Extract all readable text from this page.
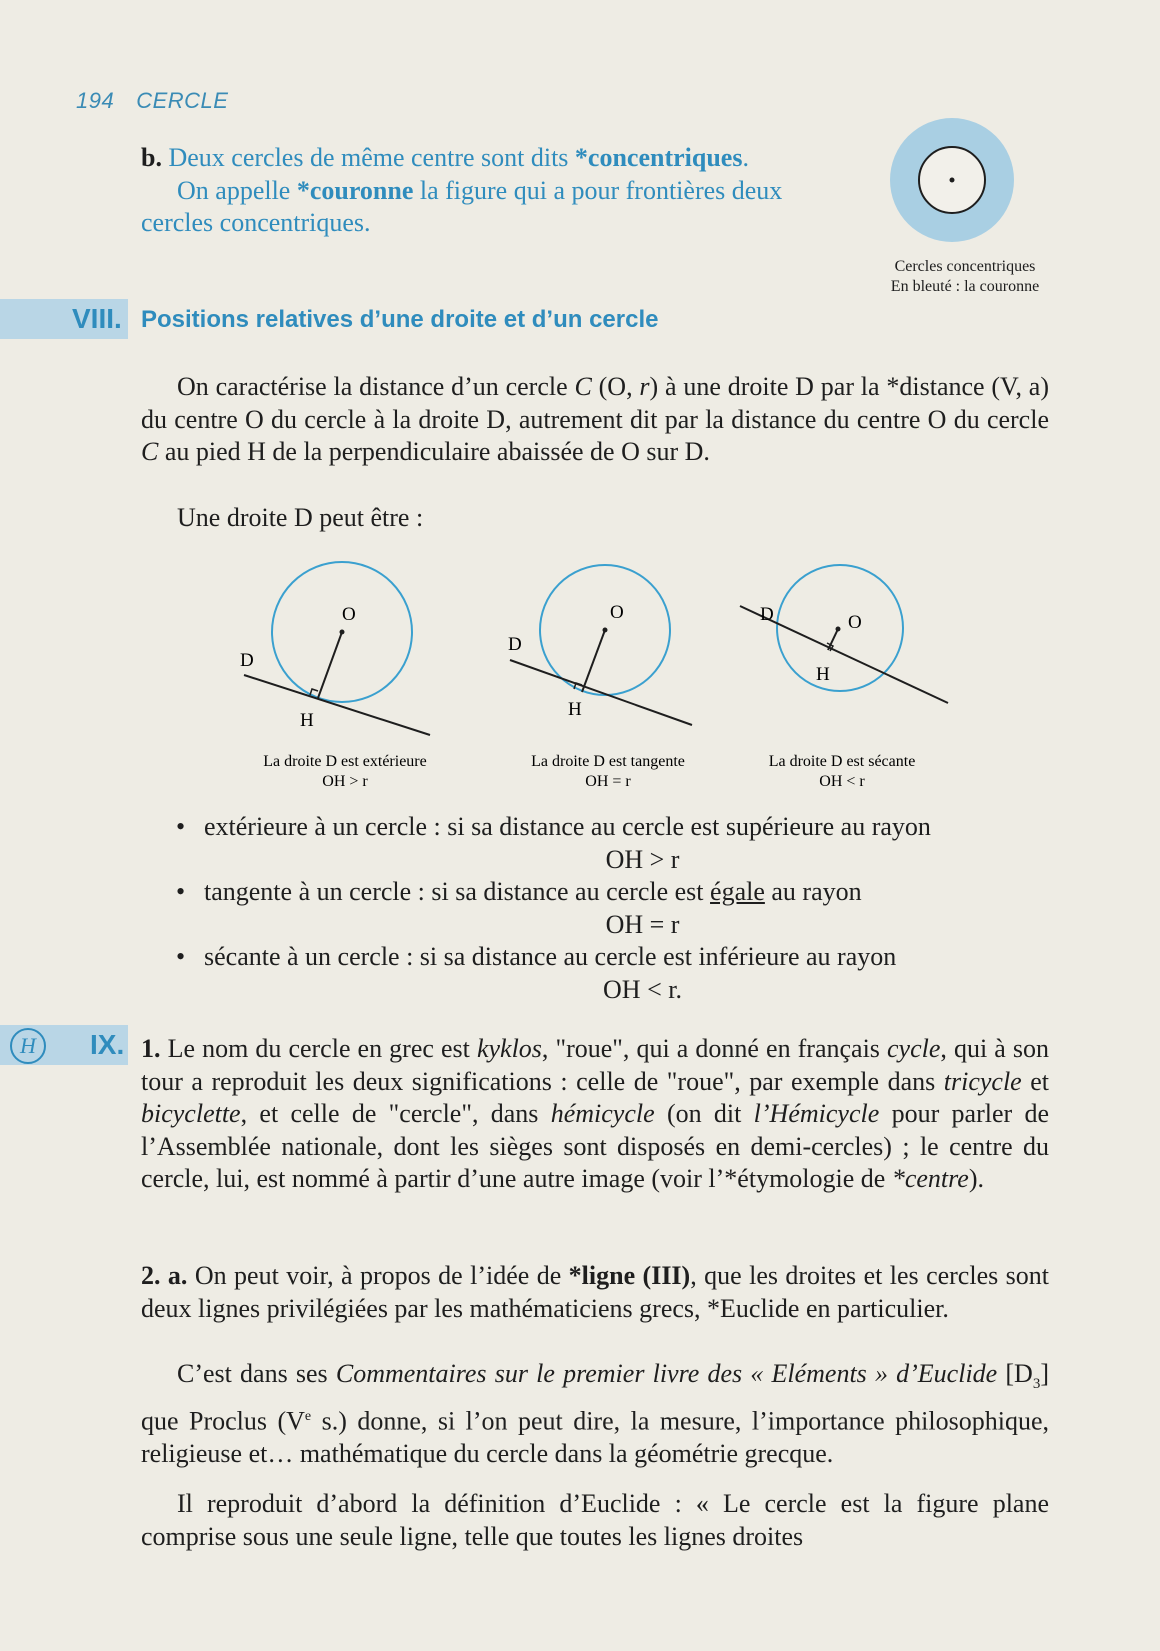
194 CERCLE

b. Deux cercles de même centre sont dits *concentriques.

On appelle *couronne la figure qui a pour frontières deux cercles concentriques.

Cercles concentriques
En bleuté : la couronne
VIII. Positions relatives d’une droite et d’un cercle
On caractérise la distance d’un cercle C (O, r) à une droite D par la *distance (V, a) du centre O du cercle à la droite D, autrement dit par la distance du centre O du cercle C au pied H de la perpendiculaire abaissée de O sur D.
Une droite D peut être :
O
D
H
La droite D est extérieure
OH > r
O
D
H
La droite D est tangente
OH = r
O
D
H
La droite D est sécante
OH < r
• extérieure à un cercle : si sa distance au cercle est supérieure au rayon
OH > r
• tangente à un cercle : si sa distance au cercle est égale au rayon
OH = r
• sécante à un cercle : si sa distance au cercle est inférieure au rayon
OH < r.
H	IX. 1. Le nom du cercle en grec est kyklos, "roue", qui a donné en français cycle, qui à son tour a reproduit les deux significations : celle de "roue", par exemple dans tricycle et bicyclette, et celle de "cercle", dans hémicycle (on dit l’Hémicycle pour parler de l’Assemblée nationale, dont les sièges sont disposés en demi-cercles) ; le centre du cercle, lui, est nommé à partir d’une autre image (voir l’*étymologie de *centre).
2. a. On peut voir, à propos de l’idée de *ligne (III), que les droites et les cercles sont deux lignes privilégiées par les mathématiciens grecs, *Euclide en particulier.
C’est dans ses Commentaires sur le premier livre des « Eléments » d’Euclide $[D_3]$ que Proclus (Ve s.) donne, si l’on peut dire, la mesure, l’importance philosophique, religieuse et… mathématique du cercle dans la géométrie grecque.
Il reproduit d’abord la définition d’Euclide : « Le cercle est la figure plane comprise sous une seule ligne, telle que toutes les lignes droites
